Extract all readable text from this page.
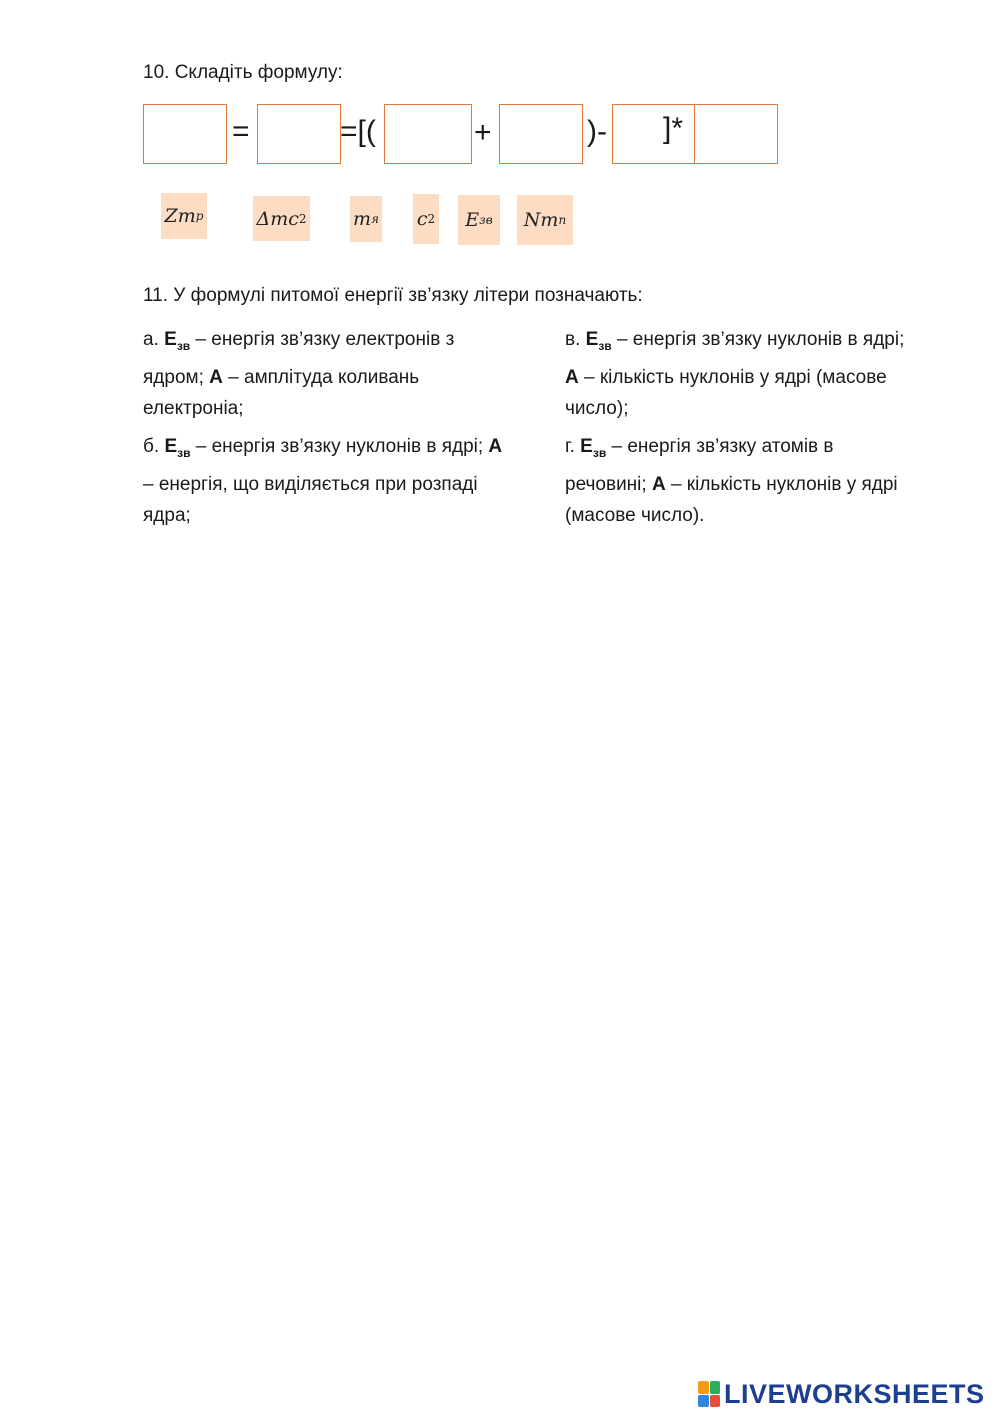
10. Складіть формулу:
=	=[(	+	)- ]*
Zm p	Δmc 2 m я c 2 E зв Nm n
11. У формулі питомої енергії зв’язку літери позначають:
а. $E_{зв}$ – енергія зв’язку електронів з ядром; A – амплітуда коливань електроніа;
б. $E_{зв}$ – енергія зв’язку нуклонів в ядрі; A – енергія, що виділяється при розпаді ядра;
в. $E_{зв}$ – енергія зв’язку нуклонів в ядрі; A – кількість нуклонів у ядрі (масове число);
г. $E_{зв}$ – енергія зв’язку атомів в речовині; A – кількість нуклонів у ядрі (масове число).
LIVEWORKSHEETS
